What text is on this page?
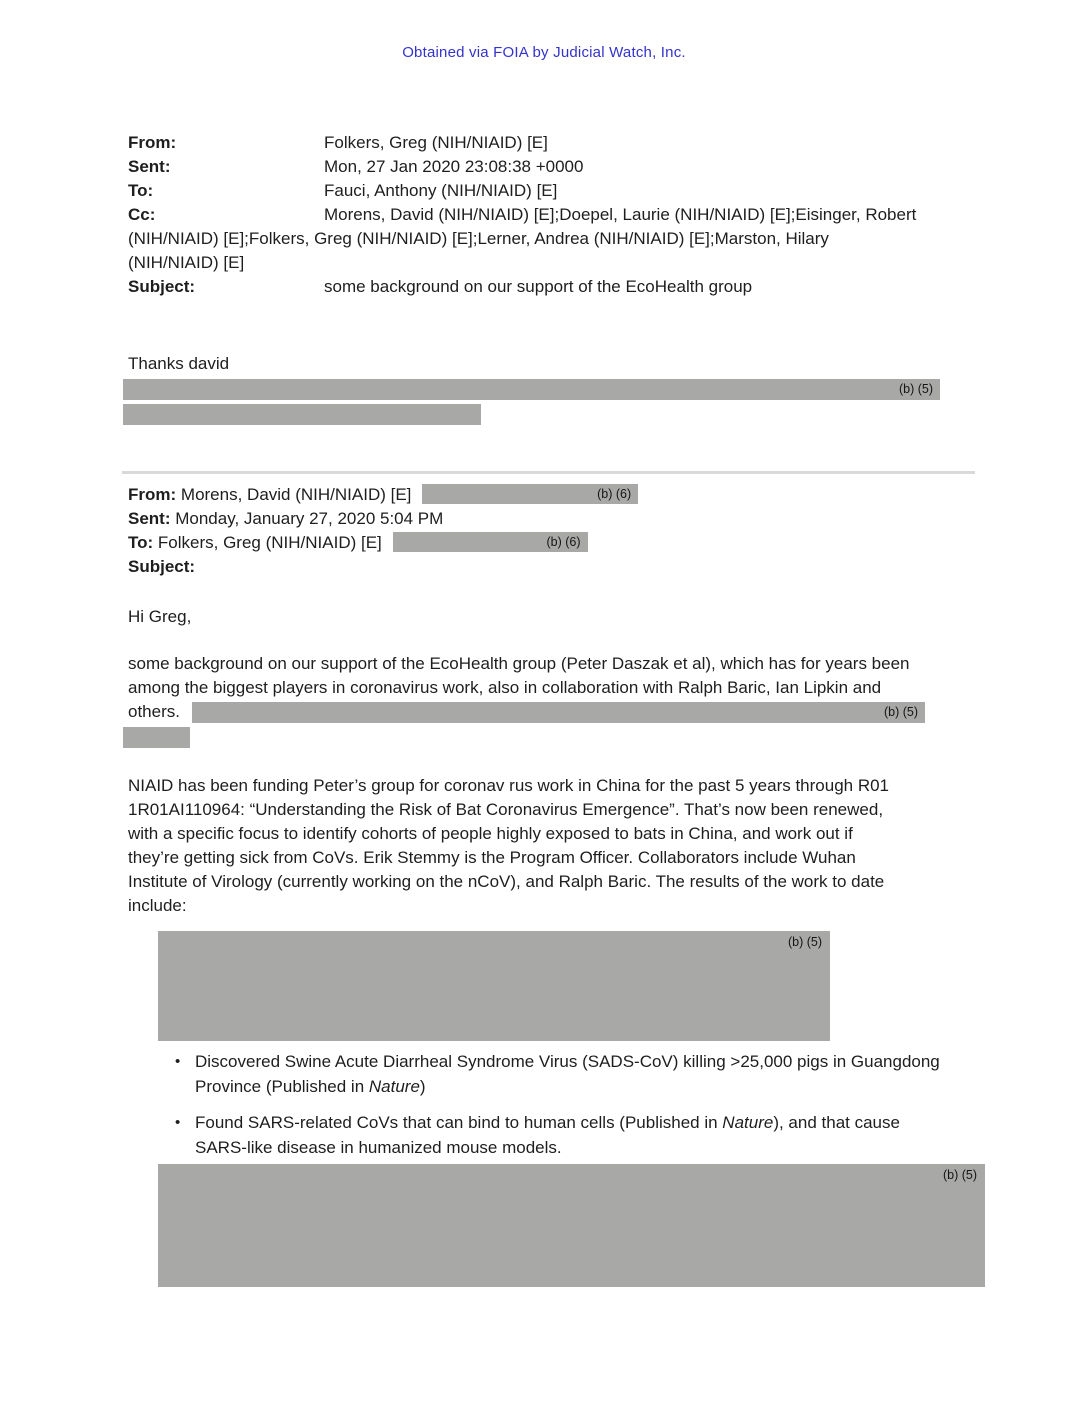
Obtained via FOIA by Judicial Watch, Inc.
From:	Folkers, Greg (NIH/NIAID) [E]
Sent:	Mon, 27 Jan 2020 23:08:38 +0000
To:	Fauci, Anthony (NIH/NIAID) [E]
Cc:	Morens, David (NIH/NIAID) [E];Doepel, Laurie (NIH/NIAID) [E];Eisinger, Robert
(NIH/NIAID) [E];Folkers, Greg (NIH/NIAID) [E];Lerner, Andrea (NIH/NIAID) [E];Marston, Hilary
(NIH/NIAID) [E]
Subject:	some background on our support of the EcoHealth group
Thanks david
(b) (5)
From: Morens, David (NIH/NIAID) [E]	(b) (6)
Sent: Monday, January 27, 2020 5:04 PM
To: Folkers, Greg (NIH/NIAID) [E]	(b) (6)
Subject:
Hi Greg,
some background on our support of the EcoHealth group (Peter Daszak et al), which has for years been
among the biggest players in coronavirus work, also in collaboration with Ralph Baric, Ian Lipkin and
others.	(b) (5)
NIAID has been funding Peter’s group for coronav rus work in China for the past 5 years through R01
1R01AI110964: “Understanding the Risk of Bat Coronavirus Emergence”. That’s now been renewed,
with a specific focus to identify cohorts of people highly exposed to bats in China, and work out if
they’re getting sick from CoVs. Erik Stemmy is the Program Officer. Collaborators include Wuhan
Institute of Virology (currently working on the nCoV), and Ralph Baric. The results of the work to date
include:
(b) (5)
• Discovered Swine Acute Diarrheal Syndrome Virus (SADS-CoV) killing >25,000 pigs in Guangdong
Province (Published in Nature)
• Found SARS-related CoVs that can bind to human cells (Published in Nature), and that cause
SARS-like disease in humanized mouse models.
(b) (5)
